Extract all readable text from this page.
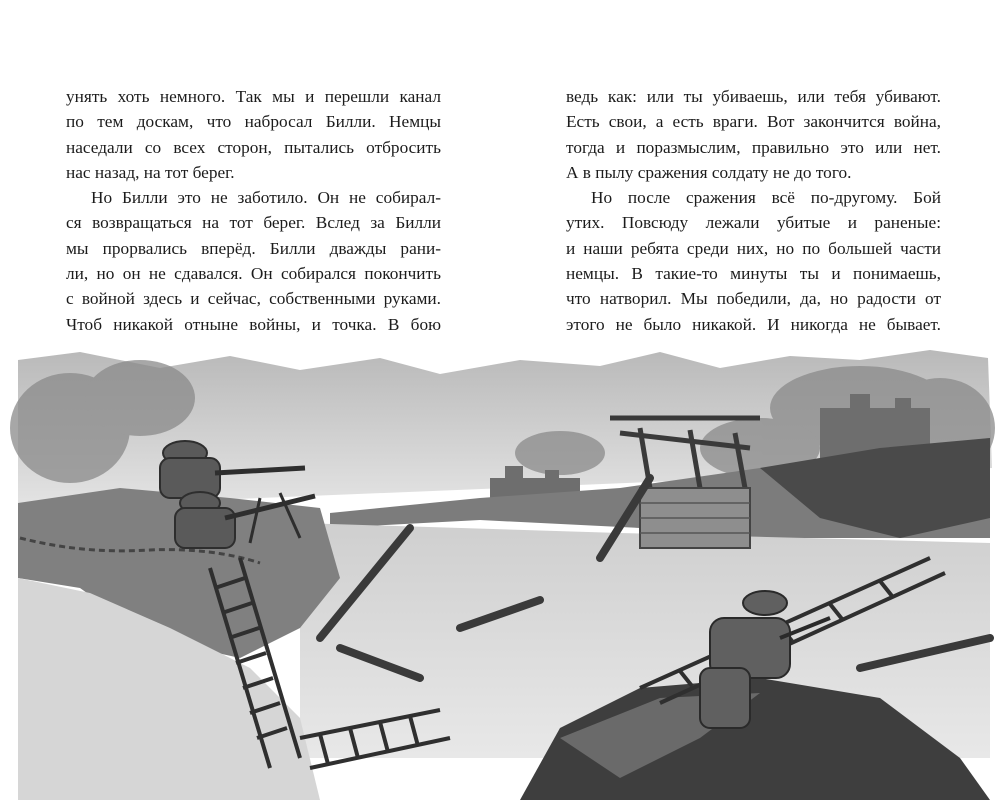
унять хоть немного. Так мы и перешли канал
по тем доскам, что набросал Билли. Немцы
наседали со всех сторон, пытались отбросить
нас назад, на тот берег.
Но Билли это не заботило. Он не собирал-
ся возвращаться на тот берег. Вслед за Билли
мы прорвались вперёд. Билли дважды рани-
ли, но он не сдавался. Он собирался покончить
с войной здесь и сейчас, собственными руками.
Чтоб никакой отныне войны, и точка. В бою
ведь как: или ты убиваешь, или тебя убивают.
Есть свои, а есть враги. Вот закончится война,
тогда и поразмыслим, правильно это или нет.
А в пылу сражения солдату не до того.
Но после сражения всё по-другому. Бой
утих. Повсюду лежали убитые и раненые:
и наши ребята среди них, но по большей части
немцы. В такие-то минуты ты и понимаешь,
что натворил. Мы победили, да, но радости от
этого не было никакой. И никогда не бывает.
